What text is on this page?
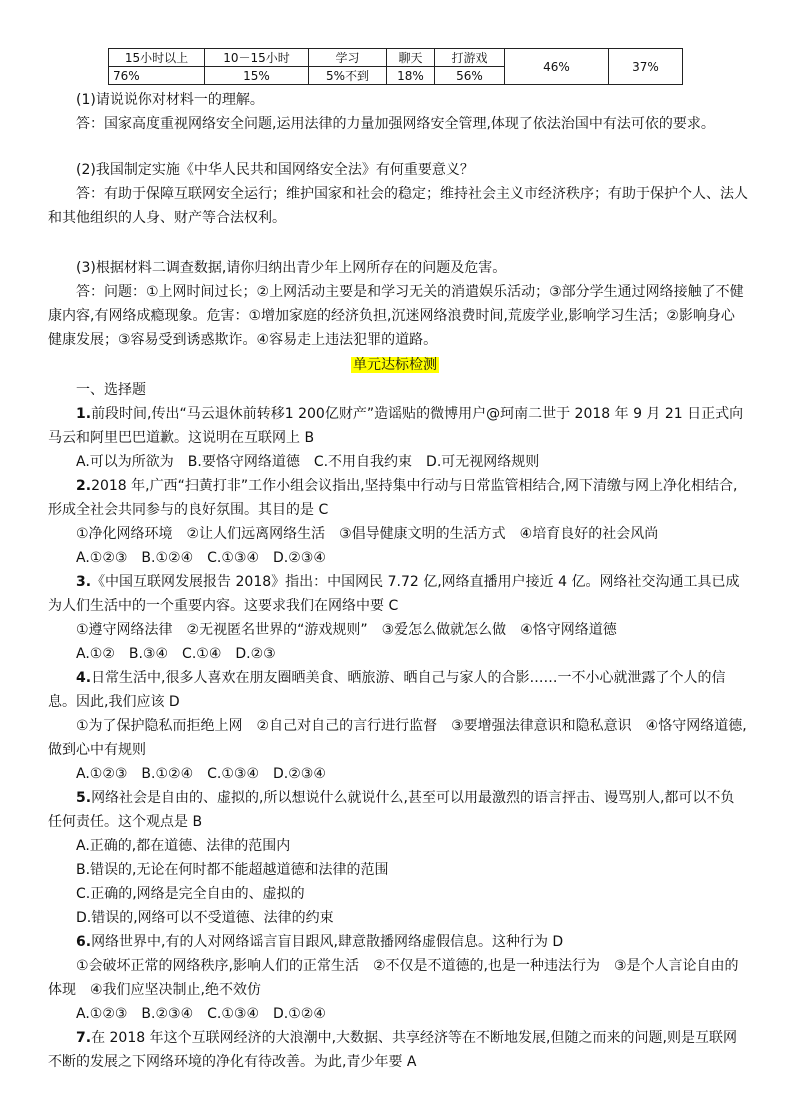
15小时以上	10－15小时	学习	聊天	打游戏	46%	37%
76%	15%	5%不到	18%	56%		
(1)请说说你对材料一的理解。
答：国家高度重视网络安全问题,运用法律的力量加强网络安全管理,体现了依法治国中有法可依的要求。
(2)我国制定实施《中华人民共和国网络安全法》有何重要意义？
答：有助于保障互联网安全运行；维护国家和社会的稳定；维持社会主义市经济秩序；有助于保护个人、法人和其他组织的人身、财产等合法权利。
(3)根据材料二调查数据,请你归纳出青少年上网所存在的问题及危害。
答：问题：①上网时间过长；②上网活动主要是和学习无关的消遣娱乐活动；③部分学生通过网络接触了不健康内容,有网络成瘾现象。危害：①增加家庭的经济负担,沉迷网络浪费时间,荒废学业,影响学习生活；②影响身心健康发展；③容易受到诱惑欺诈。④容易走上违法犯罪的道路。
单元达标检测
一、选择题
1.前段时间,传出“马云退休前转移1 200亿财产”造谣贴的微博用户@珂南二世于 2018 年 9 月 21 日正式向马云和阿里巴巴道歉。这说明在互联网上 B
A.可以为所欲为　B.要恪守网络道德　C.不用自我约束　D.可无视网络规则
2.2018 年,广西“扫黄打非”工作小组会议指出,坚持集中行动与日常监管相结合,网下清缴与网上净化相结合,形成全社会共同参与的良好氛围。其目的是 C
①净化网络环境　②让人们远离网络生活　③倡导健康文明的生活方式　④培育良好的社会风尚
A.①②③　B.①②④　C.①③④　D.②③④
3.《中国互联网发展报告 2018》指出：中国网民 7.72 亿,网络直播用户接近 4 亿。网络社交沟通工具已成为人们生活中的一个重要内容。这要求我们在网络中要 C
①遵守网络法律　②无视匿名世界的“游戏规则”　③爱怎么做就怎么做　④恪守网络道德
A.①②　B.③④　C.①④　D.②③
4.日常生活中,很多人喜欢在朋友圈晒美食、晒旅游、晒自己与家人的合影……一不小心就泄露了个人的信息。因此,我们应该 D
①为了保护隐私而拒绝上网　②自己对自己的言行进行监督　③要增强法律意识和隐私意识　④恪守网络道德,做到心中有规则
A.①②③　B.①②④　C.①③④　D.②③④
5.网络社会是自由的、虚拟的,所以想说什么就说什么,甚至可以用最激烈的语言抨击、谩骂别人,都可以不负任何责任。这个观点是 B
A.正确的,都在道德、法律的范围内
B.错误的,无论在何时都不能超越道德和法律的范围
C.正确的,网络是完全自由的、虚拟的
D.错误的,网络可以不受道德、法律的约束
6.网络世界中,有的人对网络谣言盲目跟风,肆意散播网络虚假信息。这种行为 D
①会破坏正常的网络秩序,影响人们的正常生活　②不仅是不道德的,也是一种违法行为　③是个人言论自由的体现　④我们应坚决制止,绝不效仿
A.①②③　B.②③④　C.①③④　D.①②④
7.在 2018 年这个互联网经济的大浪潮中,大数据、共享经济等在不断地发展,但随之而来的问题,则是互联网不断的发展之下网络环境的净化有待改善。为此,青少年要 A
